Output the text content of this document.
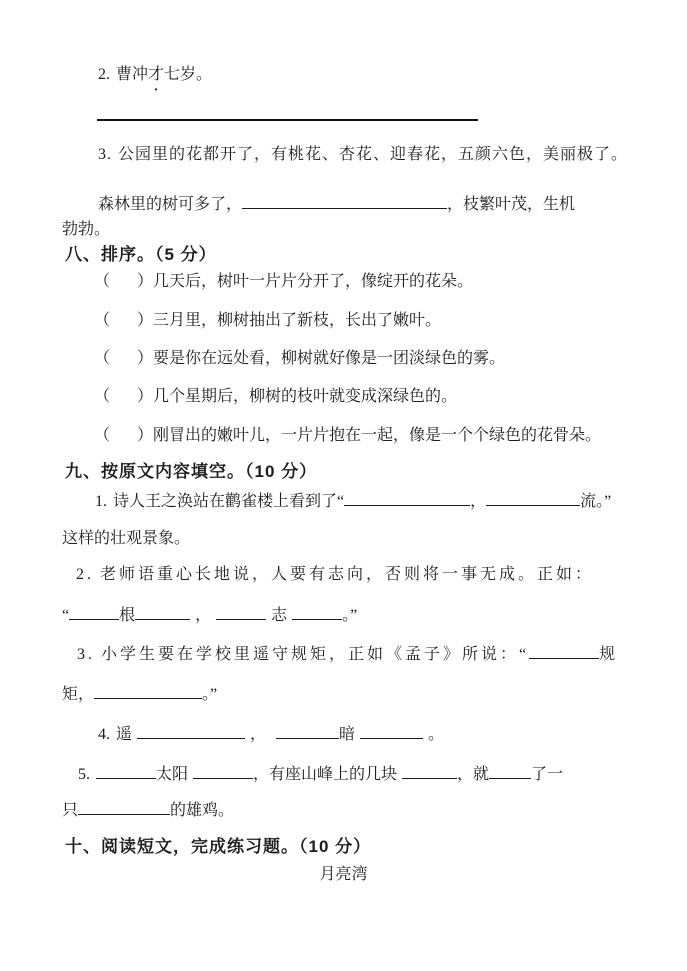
2. 曹冲才
·
七岁。
3. 公园里的花都开了，有桃花、杏花、迎春花，五颜六色，美丽极了。
森林里的树可多了，	，枝繁叶茂，生机
勃勃。
八、排序。（5 分）
（ ）几天后，树叶一片片分开了，像绽开的花朵。
（ ）三月里，柳树抽出了新枝，长出了嫩叶。
（ ）要是你在远处看，柳树就好像是一团淡绿色的雾。
（ ）几个星期后，柳树的枝叶就变成深绿色的。
（ ）刚冒出的嫩叶儿，一片片抱在一起，像是一个个绿色的花骨朵。
九、按原文内容填空。（10 分）
1. 诗人王之涣站在鹳雀楼上看到了“	，	流。”
这样的壮观景象。
2. 老师语重心长地说，人要有志向，否则将一事无成。正如：
“	根	，	志	。”
3. 小学生要在学校里遥守规矩，正如《孟子》所说：“	规
矩，	。”
4. 遥	，	暗	。
5.	太阳	，有座山峰上的几块	，就	了一
只	的雄鸡。
十、阅读短文，完成练习题。（10 分）
月亮湾
